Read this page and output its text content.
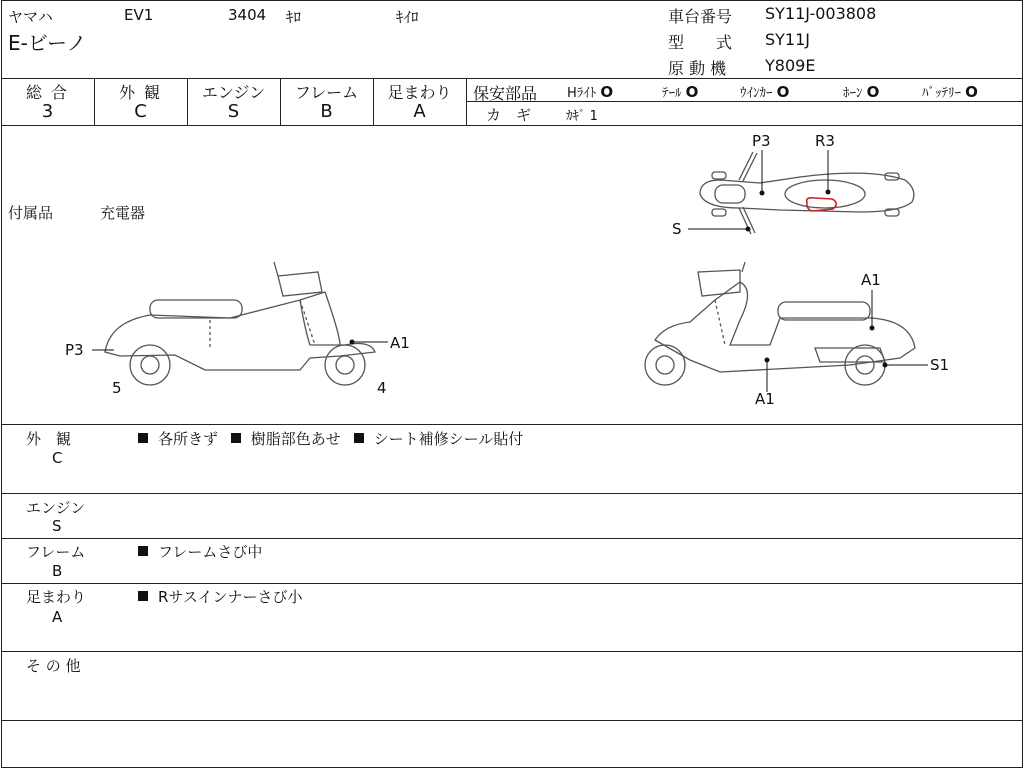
ヤマハ	EV1	3404 ｷﾛ	ｷｲﾛ
E-ビーノ
車台番号 SY11J-003808
型　　式 SY11J
原 動 機 Y809E
総 合
3
外 観
C
エンジン
S
フレーム
B
足まわり
A
保安部品 Hﾗｲﾄ O	ﾃｰﾙ O	ｳｲﾝｶｰ O	ﾎｰﾝ O	ﾊﾞｯﾃﾘｰ O
カ　ギ	ｶｷﾞ 1
付属品	充電器
P3	R3
S
P3	A1
5	4
A1
S1
A1
外　観
C
各所きず 樹脂部色あせ シート補修シール貼付
エンジン
S
フレーム
B
フレームさび中
足まわり
A
Rサスインナーさび小
そ の 他
